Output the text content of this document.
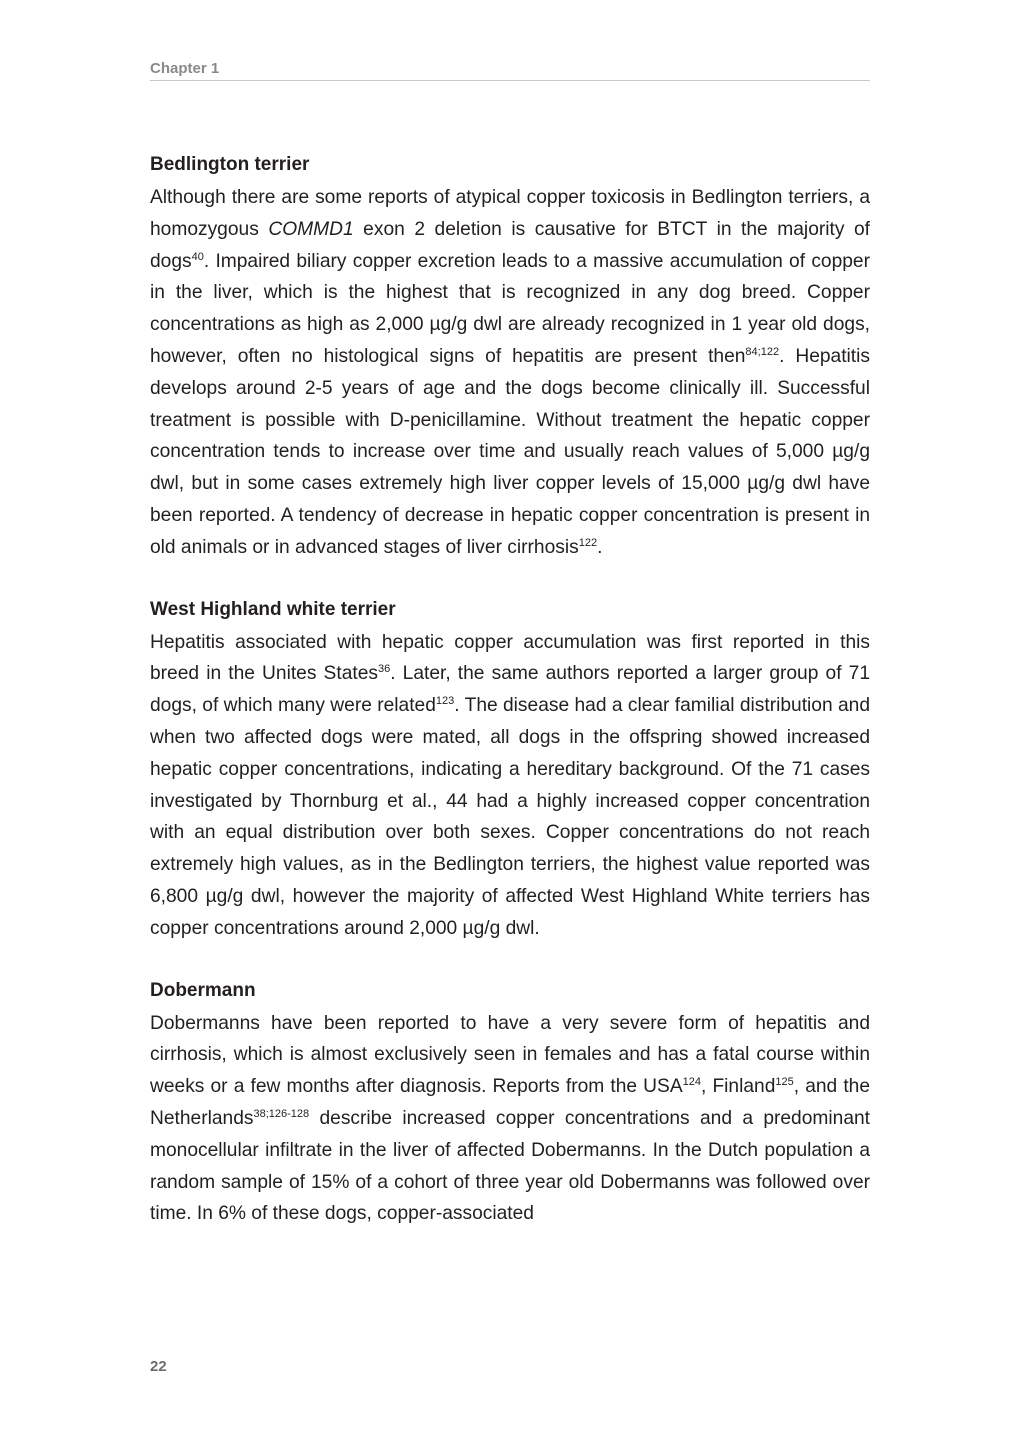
Chapter 1
Bedlington terrier

Although there are some reports of atypical copper toxicosis in Bedlington terriers, a homozygous COMMD1 exon 2 deletion is causative for BTCT in the majority of dogs$^{40}$. Impaired biliary copper excretion leads to a massive accumulation of copper in the liver, which is the highest that is recognized in any dog breed. Copper concentrations as high as 2,000 µg/g dwl are already recognized in 1 year old dogs, however, often no histological signs of hepatitis are present then$^{84;122}$. Hepatitis develops around 2-5 years of age and the dogs become clinically ill. Successful treatment is possible with D-penicillamine. Without treatment the hepatic copper concentration tends to increase over time and usually reach values of 5,000 µg/g dwl, but in some cases extremely high liver copper levels of 15,000 µg/g dwl have been reported. A tendency of decrease in hepatic copper concentration is present in old animals or in advanced stages of liver cirrhosis$^{122}$.

West Highland white terrier

Hepatitis associated with hepatic copper accumulation was first reported in this breed in the Unites States$^{36}$. Later, the same authors reported a larger group of 71 dogs, of which many were related$^{123}$. The disease had a clear familial distribution and when two affected dogs were mated, all dogs in the offspring showed increased hepatic copper concentrations, indicating a hereditary background. Of the 71 cases investigated by Thornburg et al., 44 had a highly increased copper concentration with an equal distribution over both sexes. Copper concentrations do not reach extremely high values, as in the Bedlington terriers, the highest value reported was 6,800 µg/g dwl, however the majority of affected West Highland White terriers has copper concentrations around 2,000 µg/g dwl.

Dobermann

Dobermanns have been reported to have a very severe form of hepatitis and cirrhosis, which is almost exclusively seen in females and has a fatal course within weeks or a few months after diagnosis. Reports from the USA$^{124}$, Finland$^{125}$, and the Netherlands$^{38;126-128}$ describe increased copper concentrations and a predominant monocellular infiltrate in the liver of affected Dobermanns. In the Dutch population a random sample of 15% of a cohort of three year old Dobermanns was followed over time. In 6% of these dogs, copper-associated

22
